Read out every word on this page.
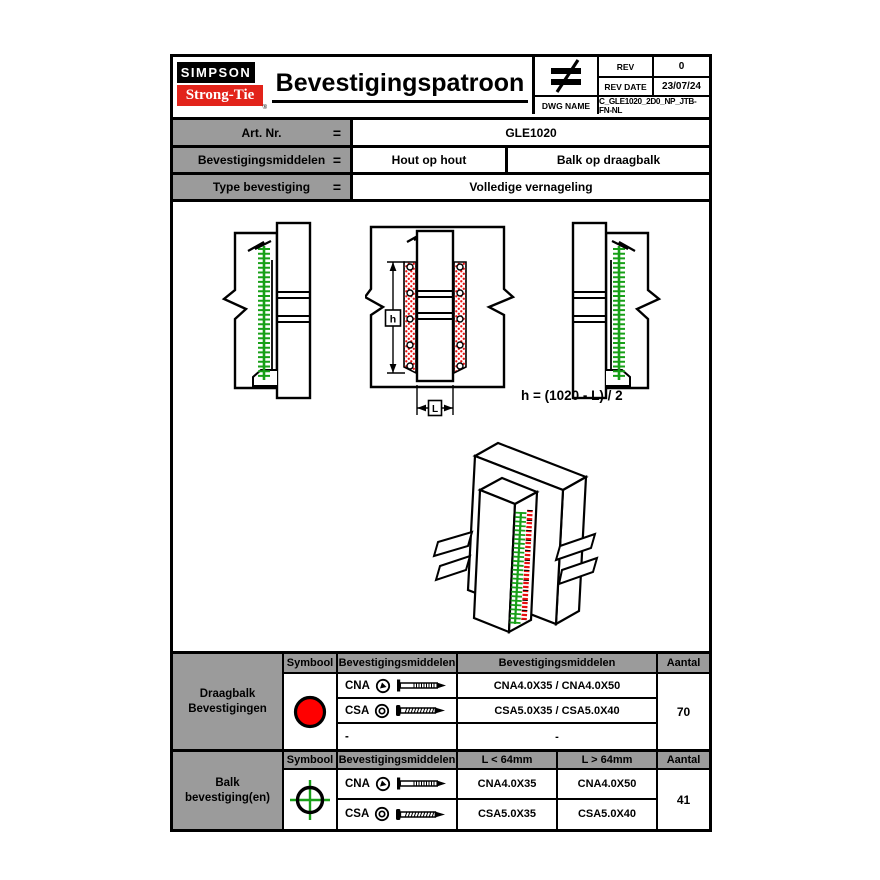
SIMPSON
Strong-Tie
®
Bevestigingspatroon
REV	0
REV DATE	23/07/24
DWG NAME	C_GLE1020_2D0_NP_JTB-FN-NL
Art. Nr.	=	GLE1020
Bevestigingsmiddelen =	Hout op hout	Balk op draagbalk
Type bevestiging =	Volledige vernageling
h
L
h = (1020 - L) / 2
Draagbalk Bevestigingen
Symbool Bevestigingsmiddelen	Bevestigingsmiddelen	Aantal
CNA	CNA4.0X35 / CNA4.0X50
70
CSA	CSA5.0X35 / CSA5.0X40
-	-
Balk bevestiging(en)
Symbool Bevestigingsmiddelen	L < 64mm	L > 64mm	Aantal
CNA	CNA4.0X35	CNA4.0X50
41
CSA	CSA5.0X35	CSA5.0X40
